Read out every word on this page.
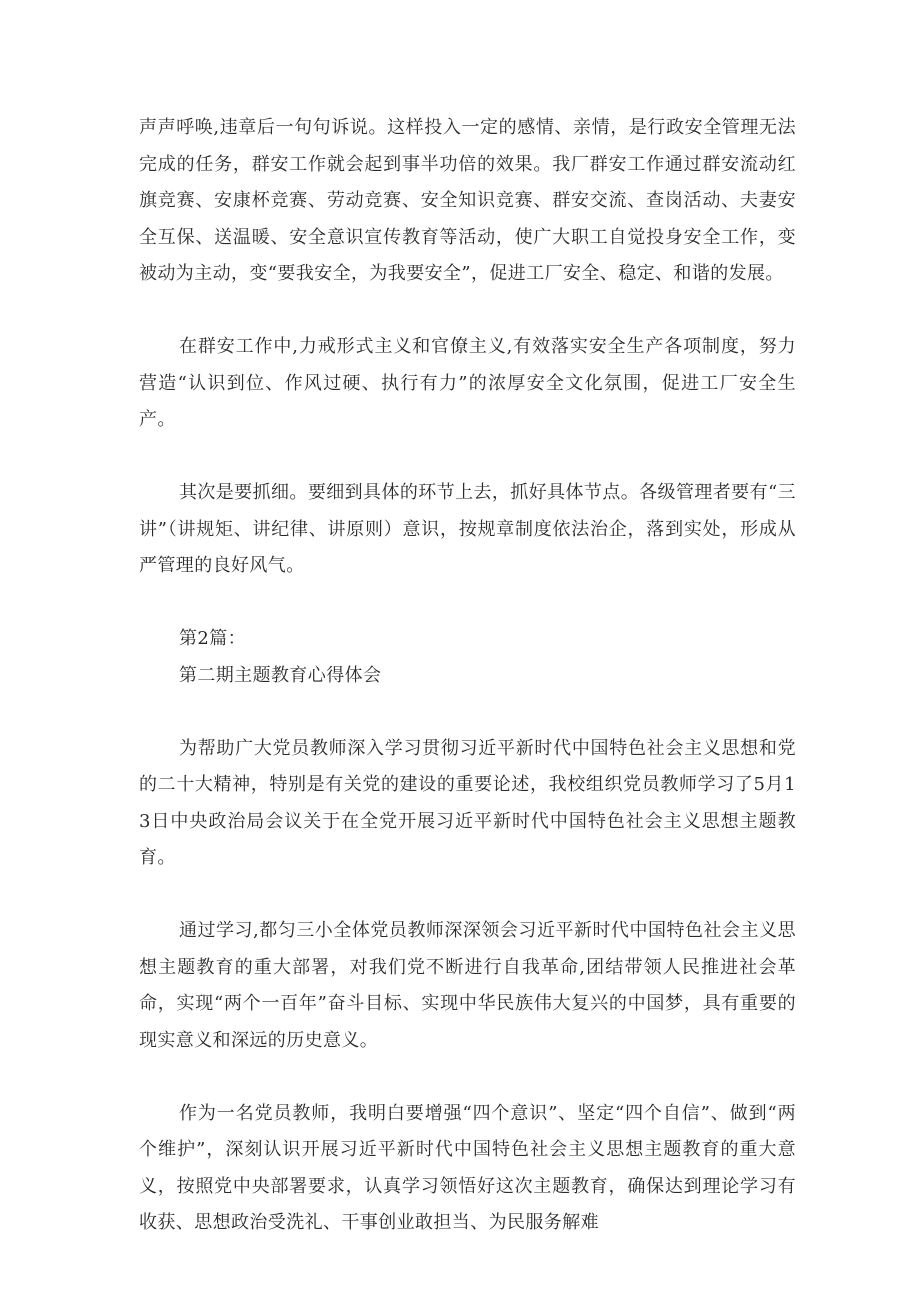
声声呼唤,违章后一句句诉说。这样投入一定的感情、亲情，是行政安全管理无法完成的任务，群安工作就会起到事半功倍的效果。我厂群安工作通过群安流动红旗竞赛、安康杯竞赛、劳动竞赛、安全知识竞赛、群安交流、查岗活动、夫妻安全互保、送温暖、安全意识宣传教育等活动，使广大职工自觉投身安全工作，变被动为主动，变“要我安全，为我要安全”，促进工厂安全、稳定、和谐的发展。

在群安工作中,力戒形式主义和官僚主义,有效落实安全生产各项制度，努力营造“认识到位、作风过硬、执行有力”的浓厚安全文化氛围，促进工厂安全生产。

其次是要抓细。要细到具体的环节上去，抓好具体节点。各级管理者要有“三讲”（讲规矩、讲纪律、讲原则）意识，按规章制度依法治企，落到实处，形成从严管理的良好风气。

第2篇：

第二期主题教育心得体会

为帮助广大党员教师深入学习贯彻习近平新时代中国特色社会主义思想和党的二十大精神，特别是有关党的建设的重要论述，我校组织党员教师学习了5月13日中央政治局会议关于在全党开展习近平新时代中国特色社会主义思想主题教育。

通过学习,都匀三小全体党员教师深深领会习近平新时代中国特色社会主义思想主题教育的重大部署，对我们党不断进行自我革命,团结带领人民推进社会革命，实现“两个一百年”奋斗目标、实现中华民族伟大复兴的中国梦，具有重要的现实意义和深远的历史意义。

作为一名党员教师，我明白要增强“四个意识”、坚定“四个自信”、做到“两个维护”，深刻认识开展习近平新时代中国特色社会主义思想主题教育的重大意义，按照党中央部署要求，认真学习领悟好这次主题教育，确保达到理论学习有收获、思想政治受洗礼、干事创业敢担当、为民服务解难
